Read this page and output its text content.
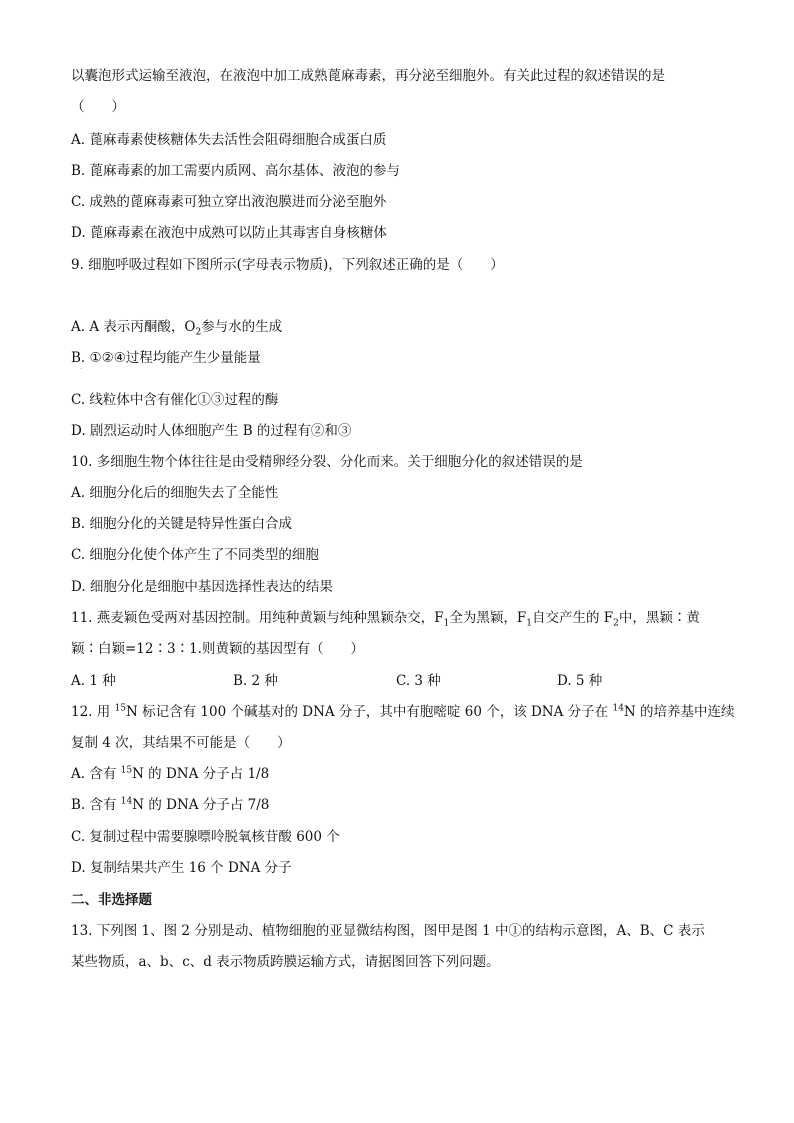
以囊泡形式运输至液泡，在液泡中加工成熟蓖麻毒素，再分泌至细胞外。有关此过程的叙述错误的是
（　　）
A. 蓖麻毒素使核糖体失去活性会阻碍细胞合成蛋白质
B. 蓖麻毒素的加工需要内质网、高尔基体、液泡的参与
C. 成熟的蓖麻毒素可独立穿出液泡膜进而分泌至胞外
D. 蓖麻毒素在液泡中成熟可以防止其毒害自身核糖体
9. 细胞呼吸过程如下图所示(字母表示物质)，下列叙述正确的是（　　）
A. A 表示丙酮酸，$O_2$参与水的生成
B. ①②④过程均能产生少量能量
·
C. 线粒体中含有催化①③过程的酶
D. 剧烈运动时人体细胞产生 B 的过程有②和③
10. 多细胞生物个体往往是由受精卵经分裂、分化而来。关于细胞分化的叙述错误的是
A. 细胞分化后的细胞失去了全能性
B. 细胞分化的关键是特异性蛋白合成
C. 细胞分化使个体产生了不同类型的细胞
D. 细胞分化是细胞中基因选择性表达的结果
11. 燕麦颖色受两对基因控制。用纯种黄颖与纯种黑颖杂交，$F_1$全为黑颖，$F_1$自交产生的 $F_2$中，黑颖∶黄
颖∶白颖=12∶3∶1.则黄颖的基因型有（　　）
A. 1 种	B. 2 种	C. 3 种	D. 5 种
12. 用 $^{15}$N 标记含有 100 个碱基对的 DNA 分子，其中有胞嘧啶 60 个，该 DNA 分子在 $^{14}$N 的培养基中连续
复制 4 次，其结果不可能是（　　）
A. 含有 $^{15}$N 的 DNA 分子占 1/8
B. 含有 $^{14}$N 的 DNA 分子占 7/8
C. 复制过程中需要腺嘌呤脱氧核苷酸 600 个
D. 复制结果共产生 16 个 DNA 分子
二、非选择题
13. 下列图 1、图 2 分别是动、植物细胞的亚显微结构图，图甲是图 1 中①的结构示意图，A、B、C 表示
某些物质，a、b、c、d 表示物质跨膜运输方式，请据图回答下列问题。
